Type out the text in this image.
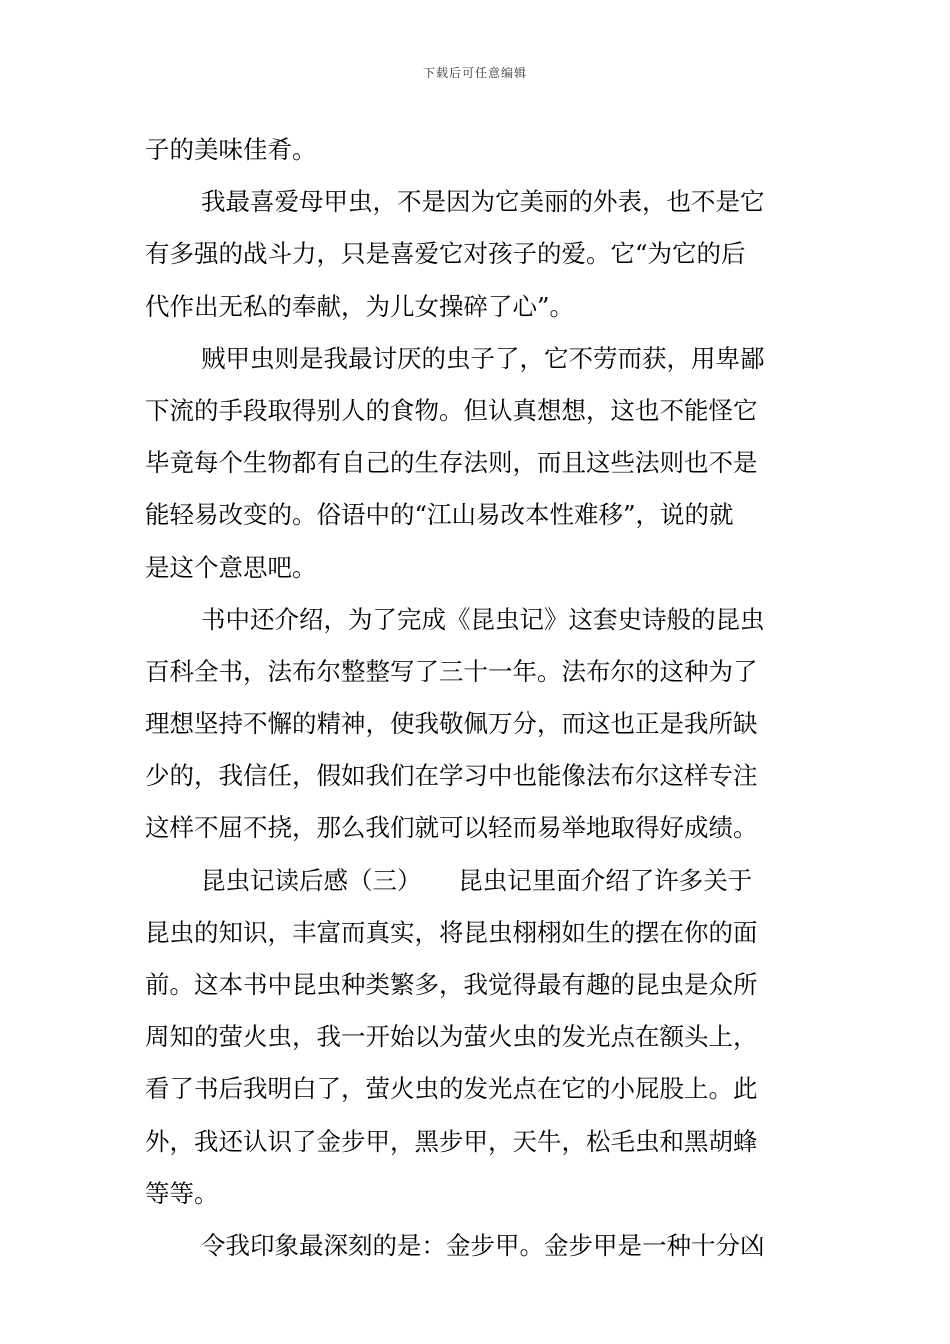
下载后可任意编辑
子的美味佳肴。
我最喜爱母甲虫，不是因为它美丽的外表，也不是它
有多强的战斗力，只是喜爱它对孩子的爱。它“为它的后
代作出无私的奉献，为儿女操碎了心”。
贼甲虫则是我最讨厌的虫子了，它不劳而获，用卑鄙
下流的手段取得别人的食物。但认真想想，这也不能怪它
毕竟每个生物都有自己的生存法则，而且这些法则也不是
能轻易改变的。俗语中的“江山易改本性难移”，说的就
是这个意思吧。
书中还介绍，为了完成《昆虫记》这套史诗般的昆虫
百科全书，法布尔整整写了三十一年。法布尔的这种为了
理想坚持不懈的精神，使我敬佩万分，而这也正是我所缺
少的，我信任，假如我们在学习中也能像法布尔这样专注
这样不屈不挠，那么我们就可以轻而易举地取得好成绩。
昆虫记读后感（三）　　昆虫记里面介绍了许多关于
昆虫的知识，丰富而真实，将昆虫栩栩如生的摆在你的面
前。这本书中昆虫种类繁多，我觉得最有趣的昆虫是众所
周知的萤火虫，我一开始以为萤火虫的发光点在额头上，
看了书后我明白了，萤火虫的发光点在它的小屁股上。此
外，我还认识了金步甲，黑步甲，天牛，松毛虫和黑胡蜂
等等。
令我印象最深刻的是：金步甲。金步甲是一种十分凶
